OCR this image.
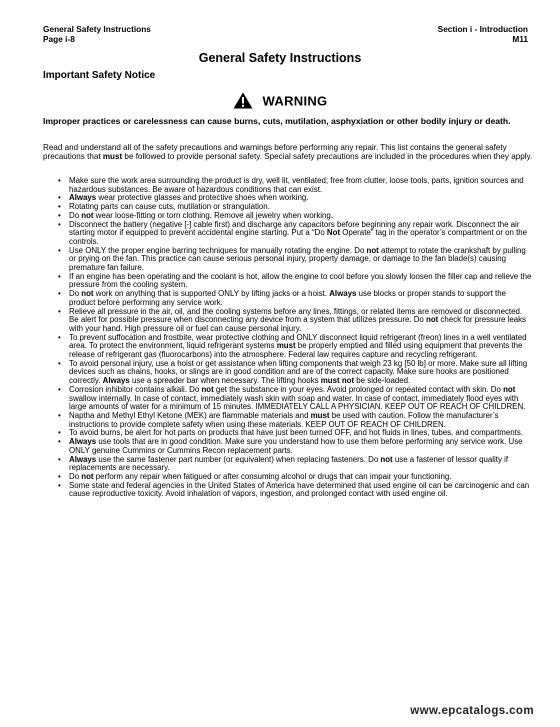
General Safety Instructions
Page i-8
Section i - Introduction
M11
General Safety Instructions
Important Safety Notice
WARNING
Improper practices or carelessness can cause burns, cuts, mutilation, asphyxiation or other bodily injury or death.
Read and understand all of the safety precautions and warnings before performing any repair. This list contains the general safety precautions that must be followed to provide personal safety. Special safety precautions are included in the procedures when they apply.
• Make sure the work area surrounding the product is dry, well lit, ventilated; free from clutter, loose tools, parts, ignition sources and hazardous substances. Be aware of hazardous conditions that can exist.
• Always wear protective glasses and protective shoes when working.
• Rotating parts can cause cuts, mutilation or strangulation.
• Do not wear loose-fitting or torn clothing. Remove all jewelry when working.
• Disconnect the battery (negative [-] cable first) and discharge any capacitors before beginning any repair work. Disconnect the air starting motor if equipped to prevent accidental engine starting. Put a “Do Not Operate” tag in the operator’s compartment or on the controls.
• Use ONLY the proper engine barring techniques for manually rotating the engine. Do not attempt to rotate the crankshaft by pulling or prying on the fan. This practice can cause serious personal injury, property damage, or damage to the fan blade(s) causing premature fan failure.
• If an engine has been operating and the coolant is hot, allow the engine to cool before you slowly loosen the filler cap and relieve the pressure from the cooling system.
• Do not work on anything that is supported ONLY by lifting jacks or a hoist. Always use blocks or proper stands to support the product before performing any service work.
• Relieve all pressure in the air, oil, and the cooling systems before any lines, fittings, or related items are removed or disconnected. Be alert for possible pressure when disconnecting any device from a system that utilizes pressure. Do not check for pressure leaks with your hand. High pressure oil or fuel can cause personal injury.
• To prevent suffocation and frostbite, wear protective clothing and ONLY disconnect liquid refrigerant (freon) lines in a well ventilated area. To protect the environment, liquid refrigerant systems must be properly emptied and filled using equipment that prevents the release of refrigerant gas (fluorocarbons) into the atmosphere. Federal law requires capture and recycling refrigerant.
• To avoid personal injury, use a hoist or get assistance when lifting components that weigh 23 kg [50 lb] or more. Make sure all lifting devices such as chains, hooks, or slings are in good condition and are of the correct capacity. Make sure hooks are positioned correctly. Always use a spreader bar when necessary. The lifting hooks must not be side-loaded.
• Corrosion inhibitor contains alkali. Do not get the substance in your eyes. Avoid prolonged or repeated contact with skin. Do not swallow internally. In case of contact, immediately wash skin with soap and water. In case of contact, immediately flood eyes with large amounts of water for a minimum of 15 minutes. IMMEDIATELY CALL A PHYSICIAN. KEEP OUT OF REACH OF CHILDREN.
• Naptha and Methyl Ethyl Ketone (MEK) are flammable materials and must be used with caution. Follow the manufacturer’s instructions to provide complete safety when using these materials. KEEP OUT OF REACH OF CHILDREN.
• To avoid burns, be alert for hot parts on products that have just been turned OFF, and hot fluids in lines, tubes, and compartments.
• Always use tools that are in good condition. Make sure you understand how to use them before performing any service work. Use ONLY genuine Cummins or Cummins Recon replacement parts.
• Always use the same fastener part number (or equivalent) when replacing fasteners. Do not use a fastener of lessor quality if replacements are necessary.
• Do not perform any repair when fatigued or after consuming alcohol or drugs that can impair your functioning.
• Some state and federal agencies in the United States of America have determined that used engine oil can be carcinogenic and can cause reproductive toxicity. Avoid inhalation of vapors, ingestion, and prolonged contact with used engine oil.
www.epcatalogs.com
